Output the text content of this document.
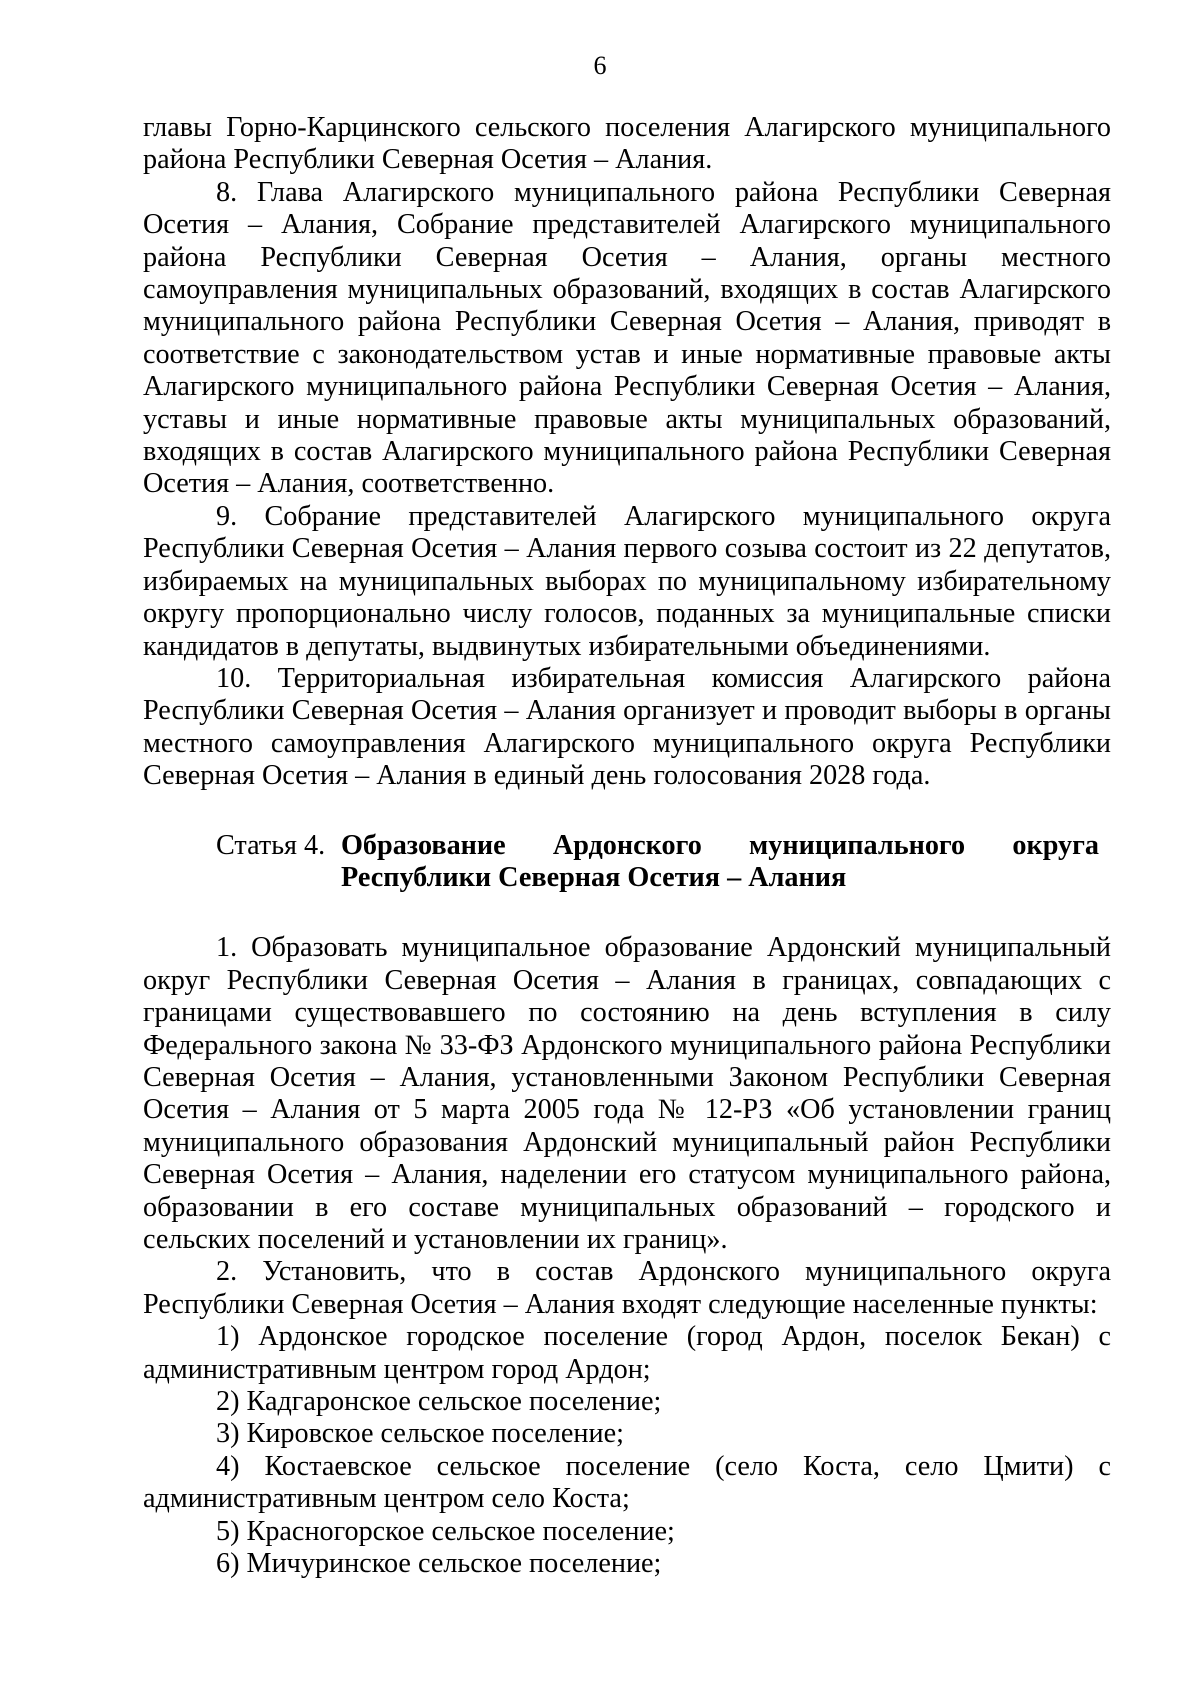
6

главы Горно-Карцинского сельского поселения Алагирского муниципального района Республики Северная Осетия – Алания.

8. Глава Алагирского муниципального района Республики Северная Осетия – Алания, Собрание представителей Алагирского муниципального района Республики Северная Осетия – Алания, органы местного самоуправления муниципальных образований, входящих в состав Алагирского муниципального района Республики Северная Осетия – Алания, приводят в соответствие с законодательством устав и иные нормативные правовые акты Алагирского муниципального района Республики Северная Осетия – Алания, уставы и иные нормативные правовые акты муниципальных образований, входящих в состав Алагирского муниципального района Республики Северная Осетия – Алания, соответственно.

9. Собрание представителей Алагирского муниципального округа Республики Северная Осетия – Алания первого созыва состоит из 22 депутатов, избираемых на муниципальных выборах по муниципальному избирательному округу пропорционально числу голосов, поданных за муниципальные списки кандидатов в депутаты, выдвинутых избирательными объединениями.

10. Территориальная избирательная комиссия Алагирского района Республики Северная Осетия – Алания организует и проводит выборы в органы местного самоуправления Алагирского муниципального округа Республики Северная Осетия – Алания в единый день голосования 2028 года.

Статья 4. Образование Ардонского муниципального округа
Республики Северная Осетия – Алания

1. Образовать муниципальное образование Ардонский муниципальный округ Республики Северная Осетия – Алания в границах, совпадающих с границами существовавшего по состоянию на день вступления в силу Федерального закона № 33-ФЗ Ардонского муниципального района Республики Северная Осетия – Алания, установленными Законом Республики Северная Осетия – Алания от 5 марта 2005 года № 12-РЗ «Об установлении границ муниципального образования Ардонский муниципальный район Республики Северная Осетия – Алания, наделении его статусом муниципального района, образовании в его составе муниципальных образований – городского и сельских поселений и установлении их границ».

2. Установить, что в состав Ардонского муниципального округа Республики Северная Осетия – Алания входят следующие населенные пункты:

1) Ардонское городское поселение (город Ардон, поселок Бекан) с административным центром город Ардон;

2) Кадгаронское сельское поселение;

3) Кировское сельское поселение;

4) Костаевское сельское поселение (село Коста, село Цмити) с административным центром село Коста;

5) Красногорское сельское поселение;

6) Мичуринское сельское поселение;
